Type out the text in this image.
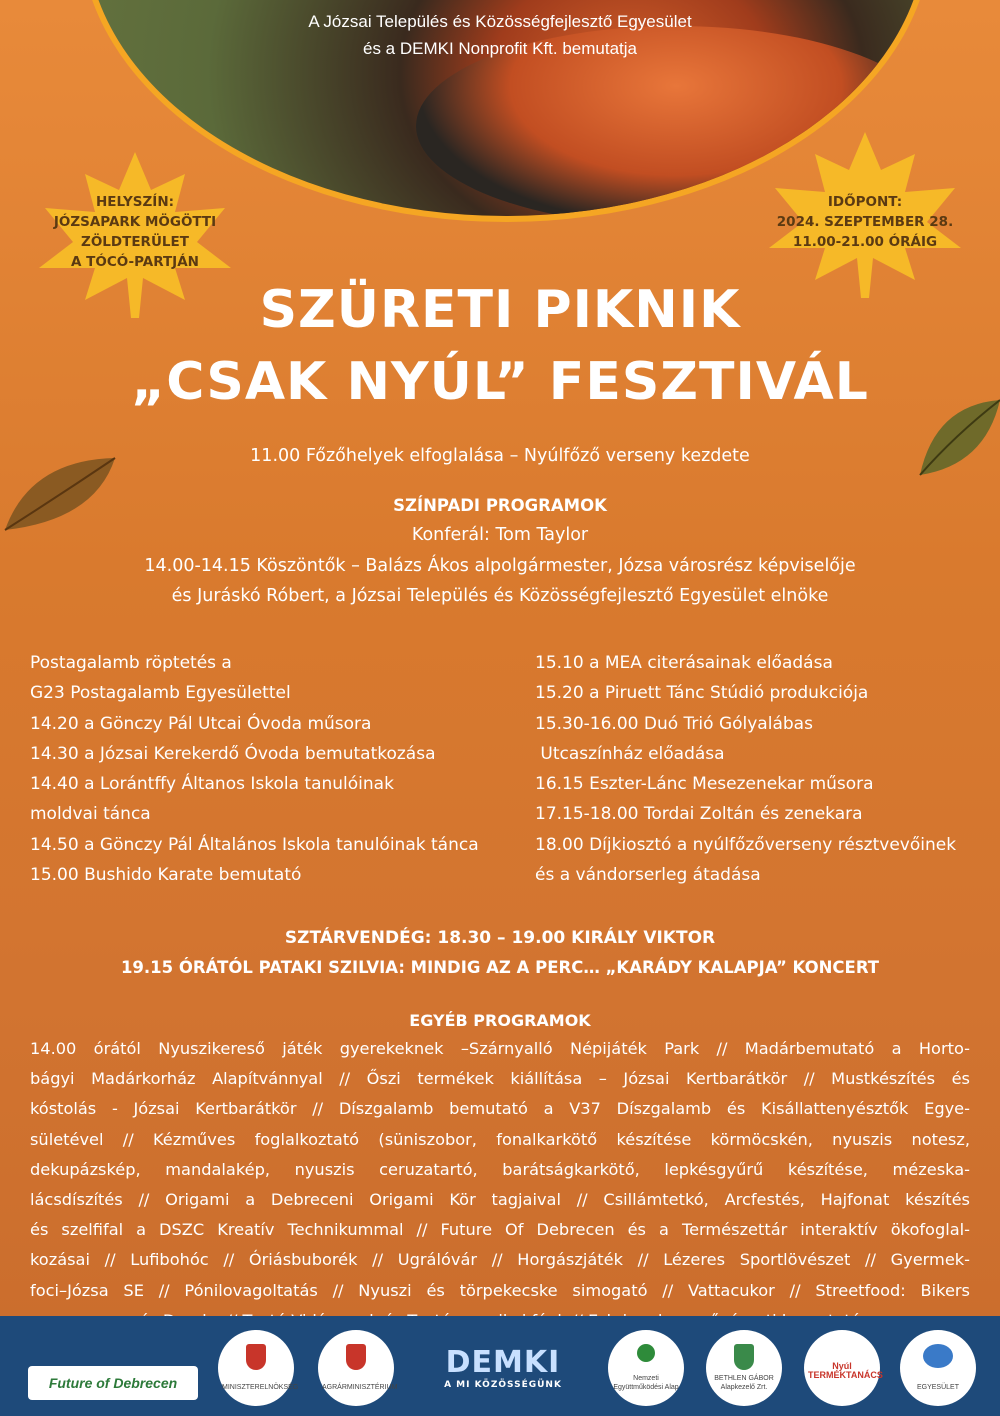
A Józsai Település és Közösségfejlesztő Egyesület
és a DEMKI Nonprofit Kft. bemutatja
HELYSZÍN:
JÓZSAPARK MÖGÖTTI
ZÖLDTERÜLET
A TÓCÓ-PARTJÁN
IDŐPONT:
2024. SZEPTEMBER 28.
11.00-21.00 ÓRÁIG
SZÜRETI PIKNIK
„CSAK NYÚL” FESZTIVÁL
11.00 Főzőhelyek elfoglalása – Nyúlfőző verseny kezdete
SZÍNPADI PROGRAMOK
Konferál: Tom Taylor
14.00-14.15 Köszöntők – Balázs Ákos alpolgármester, Józsa városrész képviselője
és Juráskó Róbert, a Józsai Település és Közösségfejlesztő Egyesület elnöke
Postagalamb röptetés a
G23 Postagalamb Egyesülettel
14.20 a Gönczy Pál Utcai Óvoda műsora
14.30 a Józsai Kerekerdő Óvoda bemutatkozása
14.40 a Lorántffy Áltanos Iskola tanulóinak
moldvai tánca
14.50 a Gönczy Pál Általános Iskola tanulóinak tánca
15.00 Bushido Karate bemutató
15.10 a MEA citerásainak előadása
15.20 a Piruett Tánc Stúdió produkciója
15.30-16.00 Duó Trió Gólyalábas
Utcaszínház előadása
16.15 Eszter-Lánc Mesezenekar műsora
17.15-18.00 Tordai Zoltán és zenekara
18.00 Díjkiosztó a nyúlfőzőverseny résztvevőinek
és a vándorserleg átadása
SZTÁRVENDÉG: 18.30 – 19.00 KIRÁLY VIKTOR
19.15 ÓRÁTÓL PATAKI SZILVIA: MINDIG AZ A PERC… „KARÁDY KALAPJA” KONCERT
EGYÉB PROGRAMOK
14.00 órától Nyuszikereső játék gyerekeknek –Szárnyalló Népijáték Park // Madárbemutató a Horto-
bágyi Madárkorház Alapítvánnyal // Őszi termékek kiállítása – Józsai Kertbarátkör // Mustkészítés és
kóstolás - Józsai Kertbarátkör // Díszgalamb bemutató a V37 Díszgalamb és Kisállattenyésztők Egye-
sületével // Kézműves foglalkoztató (süniszobor, fonalkarkötő készítése körmöcskén, nyuszis notesz,
dekupázskép, mandalakép, nyuszis ceruzatartó, barátságkarkötő, lepkésgyűrű készítése, mézeska-
lácsdíszítés // Origami a Debreceni Origami Kör tagjaival // Csillámtetkó, Arcfestés, Hajfonat készítés
és szelfifal a DSZC Kreatív Technikummal // Future Of Debrecen és a Természettár interaktív ökofoglal-
kozásai // Lufibohóc // Óriásbuborék // Ugrálóvár // Horgászjáték // Lézeres Sportlövészet // Gyermek-
foci–Józsa SE // Pónilovagoltatás // Nyuszi és törpekecske simogató // Vattacukor // Streetfood: Bikers
Future of Debrecen	MINISZTERELNÖKSÉG	AGRÁRMINISZTÉRIUM
DEMKI
A MI KÖZÖSSÉGÜNK
Nemzeti Együttműködési Alap
BETHLEN GÁBOR Alapkezelő Zrt.
Nyúl TERMÉKTANÁCS
EGYESÜLET
